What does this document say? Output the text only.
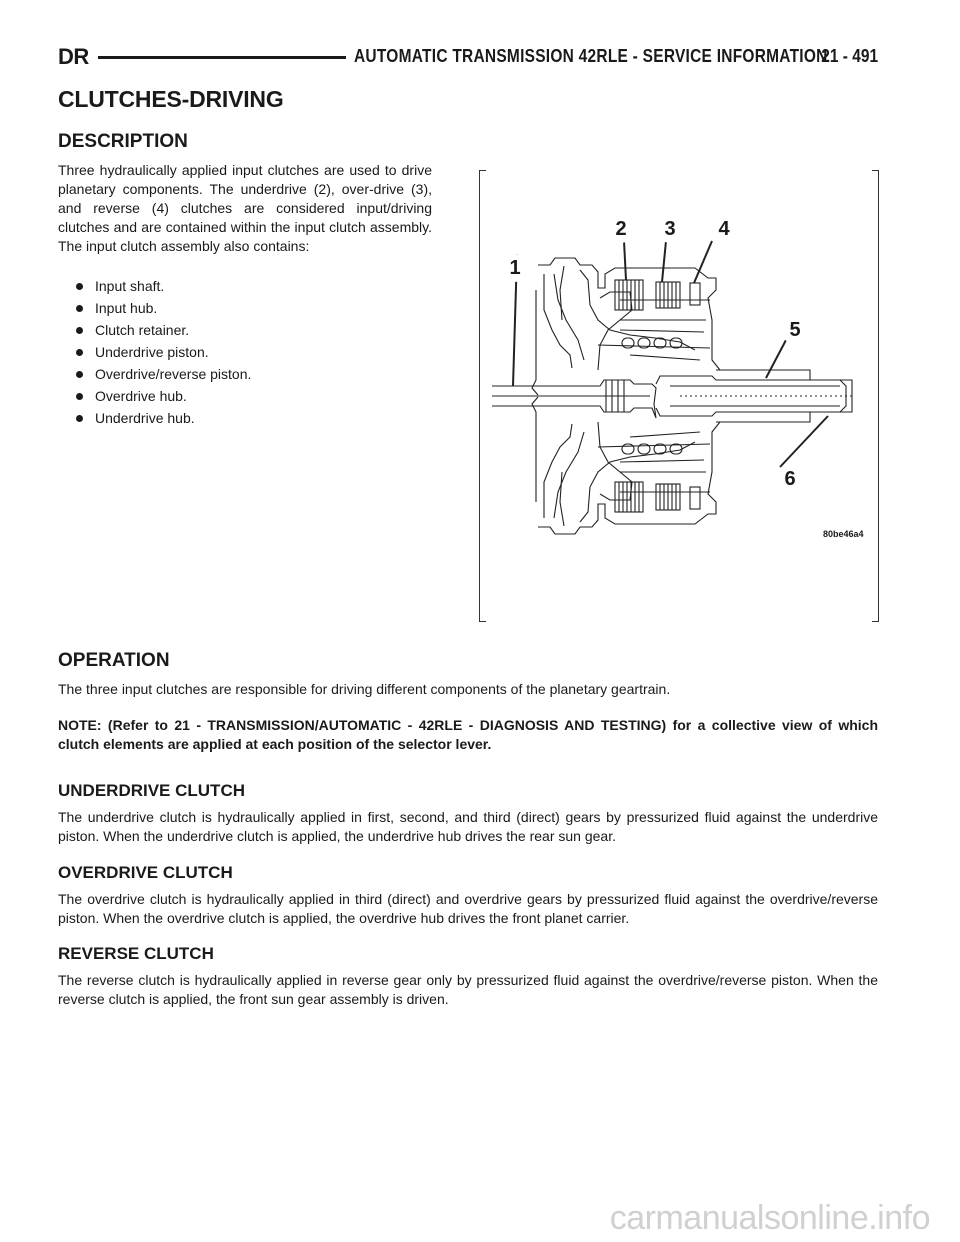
DR	AUTOMATIC TRANSMISSION 42RLE - SERVICE INFORMATION
21 - 491
CLUTCHES-DRIVING
DESCRIPTION

Three hydraulically applied input clutches are used to drive planetary components. The underdrive (2), over-drive (3), and reverse (4) clutches are considered input/driving clutches and are contained within the input clutch assembly. The input clutch assembly also contains:

Input shaft.
Input hub.
Clutch retainer.
Underdrive piston.
Overdrive/reverse piston.
Overdrive hub.
Underdrive hub.
1
2	3	4
5
6
80be46a4
OPERATION

The three input clutches are responsible for driving different components of the planetary geartrain.

NOTE: (Refer to 21 - TRANSMISSION/AUTOMATIC - 42RLE - DIAGNOSIS AND TESTING) for a collective view of which clutch elements are applied at each position of the selector lever.

UNDERDRIVE CLUTCH

The underdrive clutch is hydraulically applied in first, second, and third (direct) gears by pressurized fluid against the underdrive piston. When the underdrive clutch is applied, the underdrive hub drives the rear sun gear.

OVERDRIVE CLUTCH

The overdrive clutch is hydraulically applied in third (direct) and overdrive gears by pressurized fluid against the overdrive/reverse piston. When the overdrive clutch is applied, the overdrive hub drives the front planet carrier.

REVERSE CLUTCH

The reverse clutch is hydraulically applied in reverse gear only by pressurized fluid against the overdrive/reverse piston. When the reverse clutch is applied, the front sun gear assembly is driven.

carmanualsonline.info
